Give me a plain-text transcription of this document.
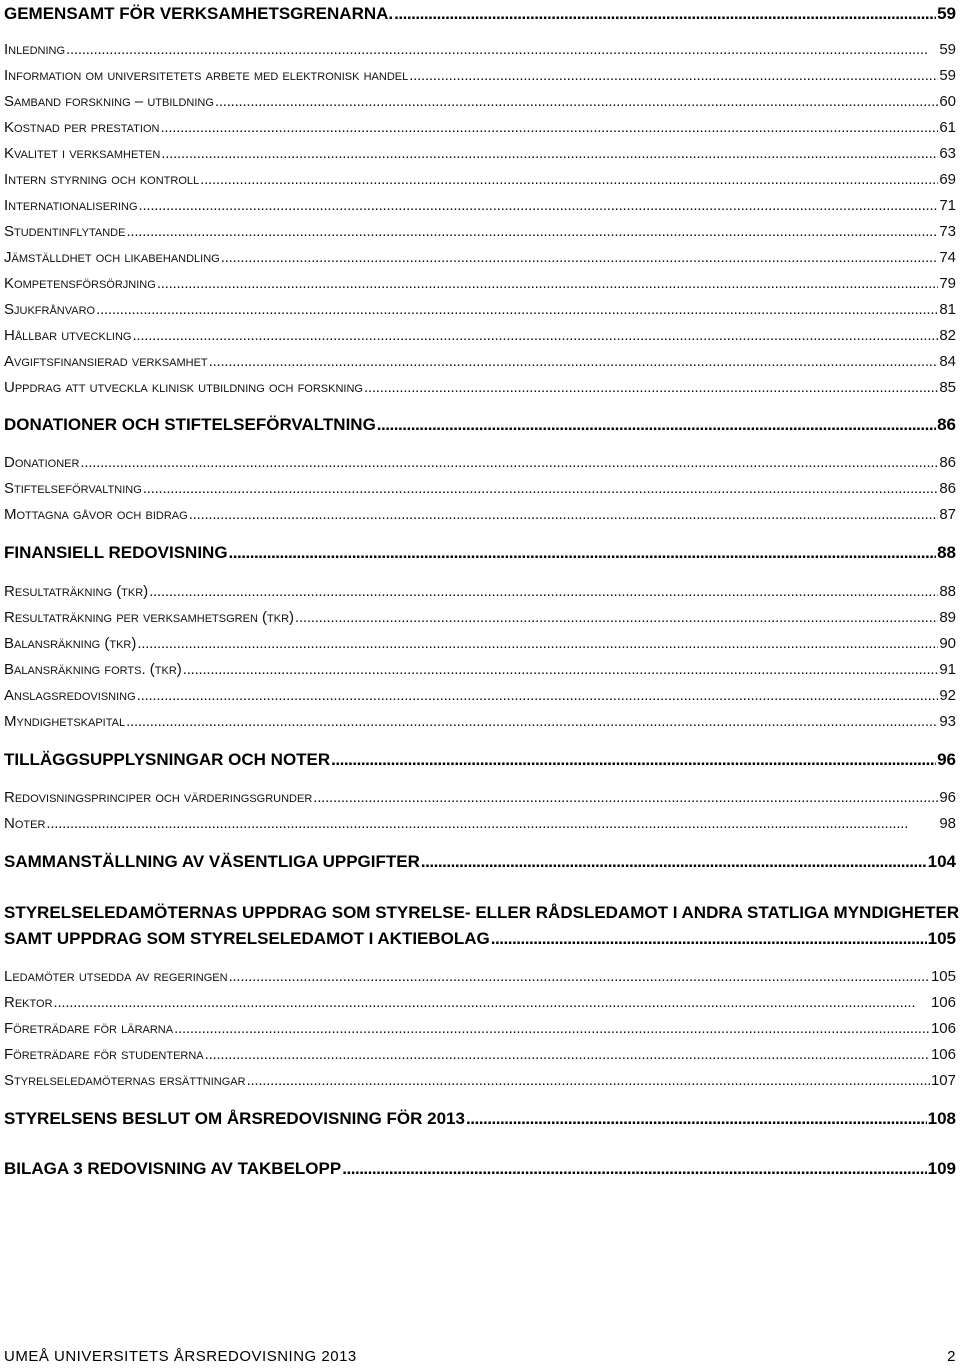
GEMENSAMT FÖR VERKSAMHETSGRENARNA. . . .	59
Inledning . . .	59
Information om universitetets arbete med elektronisk handel . . .	59
Samband forskning – utbildning . . .	60
Kostnad per prestation . . .	61
Kvalitet i verksamheten . . .	63
Intern styrning och kontroll . . .	69
Internationalisering . . .	71
Studentinflytande . . .	73
Jämställdhet och likabehandling . . .	74
Kompetensförsörjning . . .	79
Sjukfrånvaro . . .	81
Hållbar utveckling . . .	82
Avgiftsfinansierad verksamhet . . .	84
Uppdrag att utveckla klinisk utbildning och forskning . . .	85
DONATIONER OCH STIFTELSEFÖRVALTNING . . .	86
Donationer . . .	86
Stiftelseförvaltning . . .	86
Mottagna gåvor och bidrag . . .	87
FINANSIELL REDOVISNING . . .	88
Resultaträkning (tkr) . . .	88
Resultaträkning per verksamhetsgren (tkr) . . .	89
Balansräkning (tkr) . . .	90
Balansräkning forts. (tkr) . . .	91
Anslagsredovisning . . .	92
Myndighetskapital . . .	93
TILLÄGGSUPPLYSNINGAR OCH NOTER . . .	96
Redovisningsprinciper och värderingsgrunder . . .	96
Noter . . .	98
SAMMANSTÄLLNING AV VÄSENTLIGA UPPGIFTER . . .	104
STYRELSELEDAMÖTERNAS UPPDRAG SOM STYRELSE- ELLER RÅDSLEDAMOT I ANDRA STATLIGA MYNDIGHETER
SAMT UPPDRAG SOM STYRELSELEDAMOT I AKTIEBOLAG . . .	105
Ledamöter utsedda av regeringen . . .	105
Rektor . . .	106
Företrädare för lärarna . . .	106
Företrädare för studenterna . . .	106
Styrelseledamöternas ersättningar . . .	107
STYRELSENS BESLUT OM ÅRSREDOVISNING FÖR 2013 . . .	108
BILAGA 3 REDOVISNING AV TAKBELOPP . . .	109
UMEÅ UNIVERSITETS ÅRSREDOVISNING 2013	2
